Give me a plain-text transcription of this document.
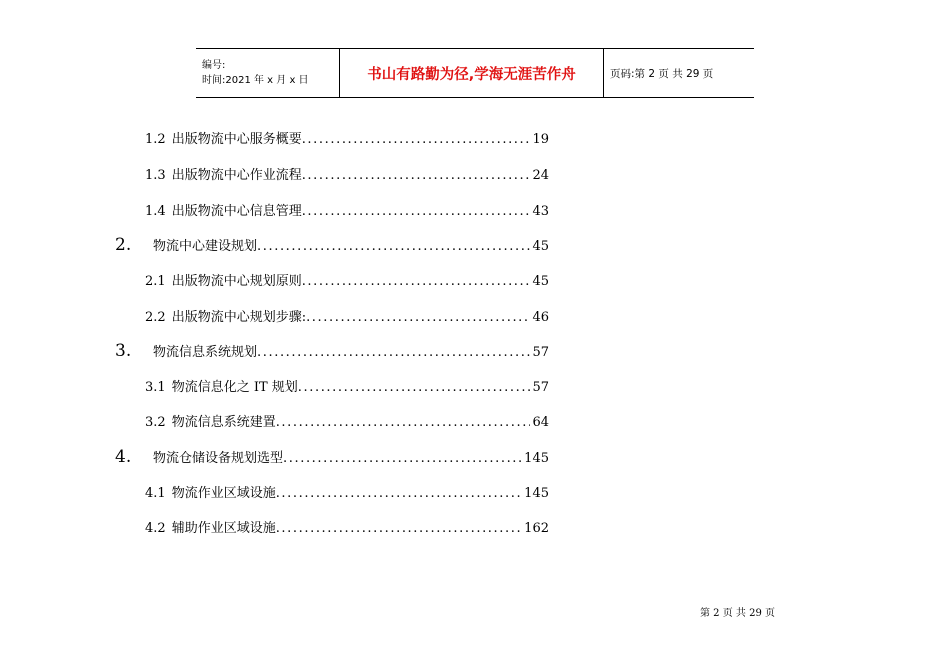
编号:
时间:2021 年 x 月 x 日	书山有路勤为径,学海无涯苦作舟	页码:第 2 页 共 29 页
1.2 出版物流中心服务概要 .....	19
1.3 出版物流中心作业流程 .....	24
1.4 出版物流中心信息管理 .....	43
2.	物流中心建设规划 .....	45
2.1 出版物流中心规划原则 .....	45
2.2 出版物流中心规划步骤: .....	46
3.	物流信息系统规划 .....	57
3.1 物流信息化之 IT 规划 .....	57
3.2 物流信息系统建置 .....	64
4.	物流仓储设备规划选型 .....	145
4.1 物流作业区域设施 .....	145
4.2 辅助作业区域设施 .....	162
第 2 页 共 29 页
